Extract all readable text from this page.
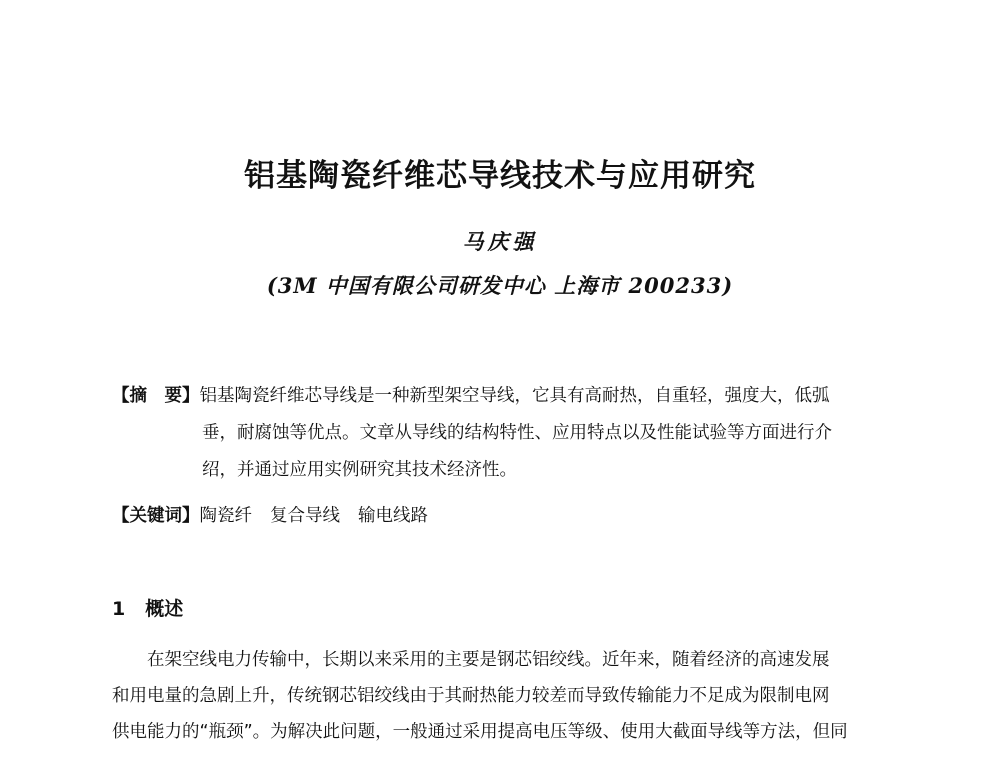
铝基陶瓷纤维芯导线技术与应用研究
马庆强
(3M 中国有限公司研发中心 上海市 200233)
【摘　要】铝基陶瓷纤维芯导线是一种新型架空导线，它具有高耐热，自重轻，强度大，低弧
垂，耐腐蚀等优点。文章从导线的结构特性、应用特点以及性能试验等方面进行介
绍，并通过应用实例研究其技术经济性。
【关键词】陶瓷纤 复合导线 输电线路
1 概述
在架空线电力传输中，长期以来采用的主要是钢芯铝绞线。近年来，随着经济的高速发展
和用电量的急剧上升，传统钢芯铝绞线由于其耐热能力较差而导致传输能力不足成为限制电网
供电能力的“瓶颈”。为解决此问题，一般通过采用提高电压等级、使用大截面导线等方法，但同
